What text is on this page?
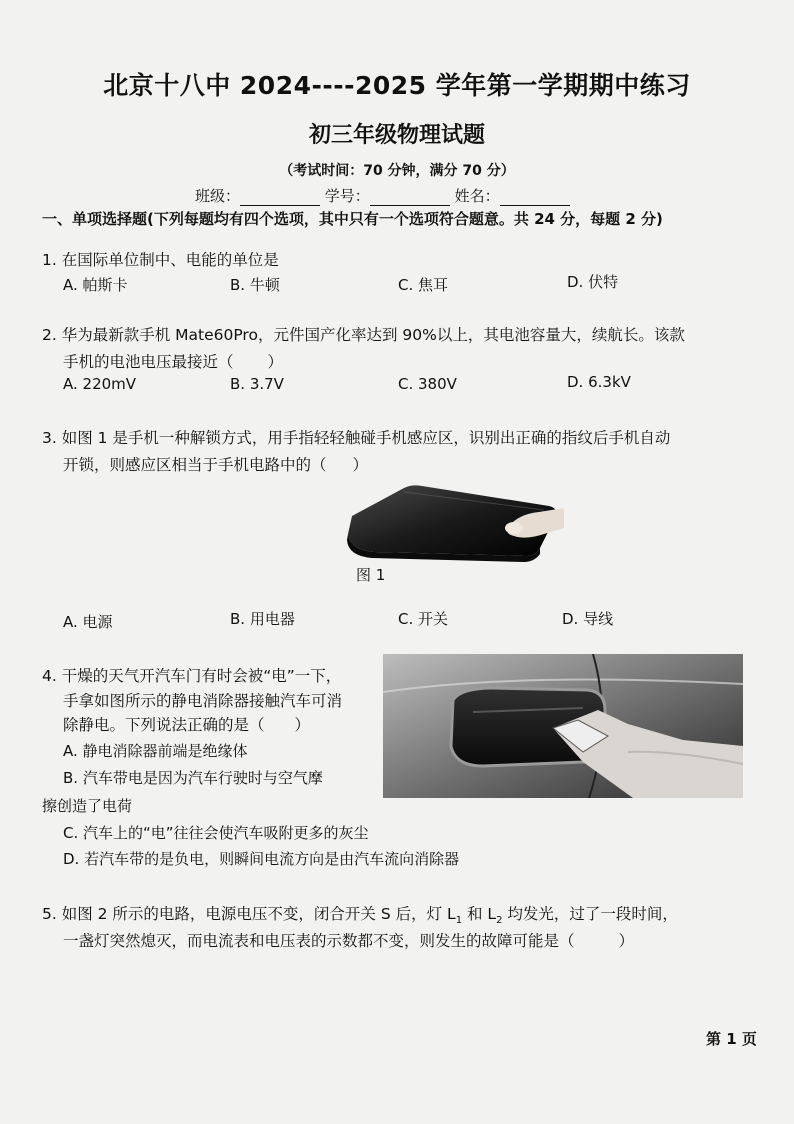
北京十八中 2024----2025 学年第一学期期中练习
初三年级物理试题
（考试时间：70 分钟，满分 70 分）
班级：	学号：	姓名：
一、单项选择题(下列每题均有四个选项，其中只有一个选项符合题意。共 24 分，每题 2 分)
1. 在国际单位制中、电能的单位是
A. 帕斯卡	B. 牛顿	C. 焦耳	D. 伏特
2. 华为最新款手机 Mate60Pro，元件国产化率达到 90%以上，其电池容量大，续航长。该款
手机的电池电压最接近（ ）
A. 220mV	B. 3.7V	C. 380V	D. 6.3kV
3. 如图 1 是手机一种解锁方式，用手指轻轻触碰手机感应区，识别出正确的指纹后手机自动
开锁，则感应区相当于手机电路中的（ ）
图 1
A. 电源	B. 用电器	C. 开关	D. 导线
4. 干燥的天气开汽车门有时会被“电”一下，
手拿如图所示的静电消除器接触汽车可消
除静电。下列说法正确的是（ ）
A. 静电消除器前端是绝缘体
B. 汽车带电是因为汽车行驶时与空气摩
擦创造了电荷
C. 汽车上的“电”往往会使汽车吸附更多的灰尘
D. 若汽车带的是负电，则瞬间电流方向是由汽车流向消除器
5. 如图 2 所示的电路，电源电压不变，闭合开关 S 后，灯 $L_1$ 和 $L_2$ 均发光，过了一段时间，
一盏灯突然熄灭，而电流表和电压表的示数都不变，则发生的故障可能是（	）
第 1 页
